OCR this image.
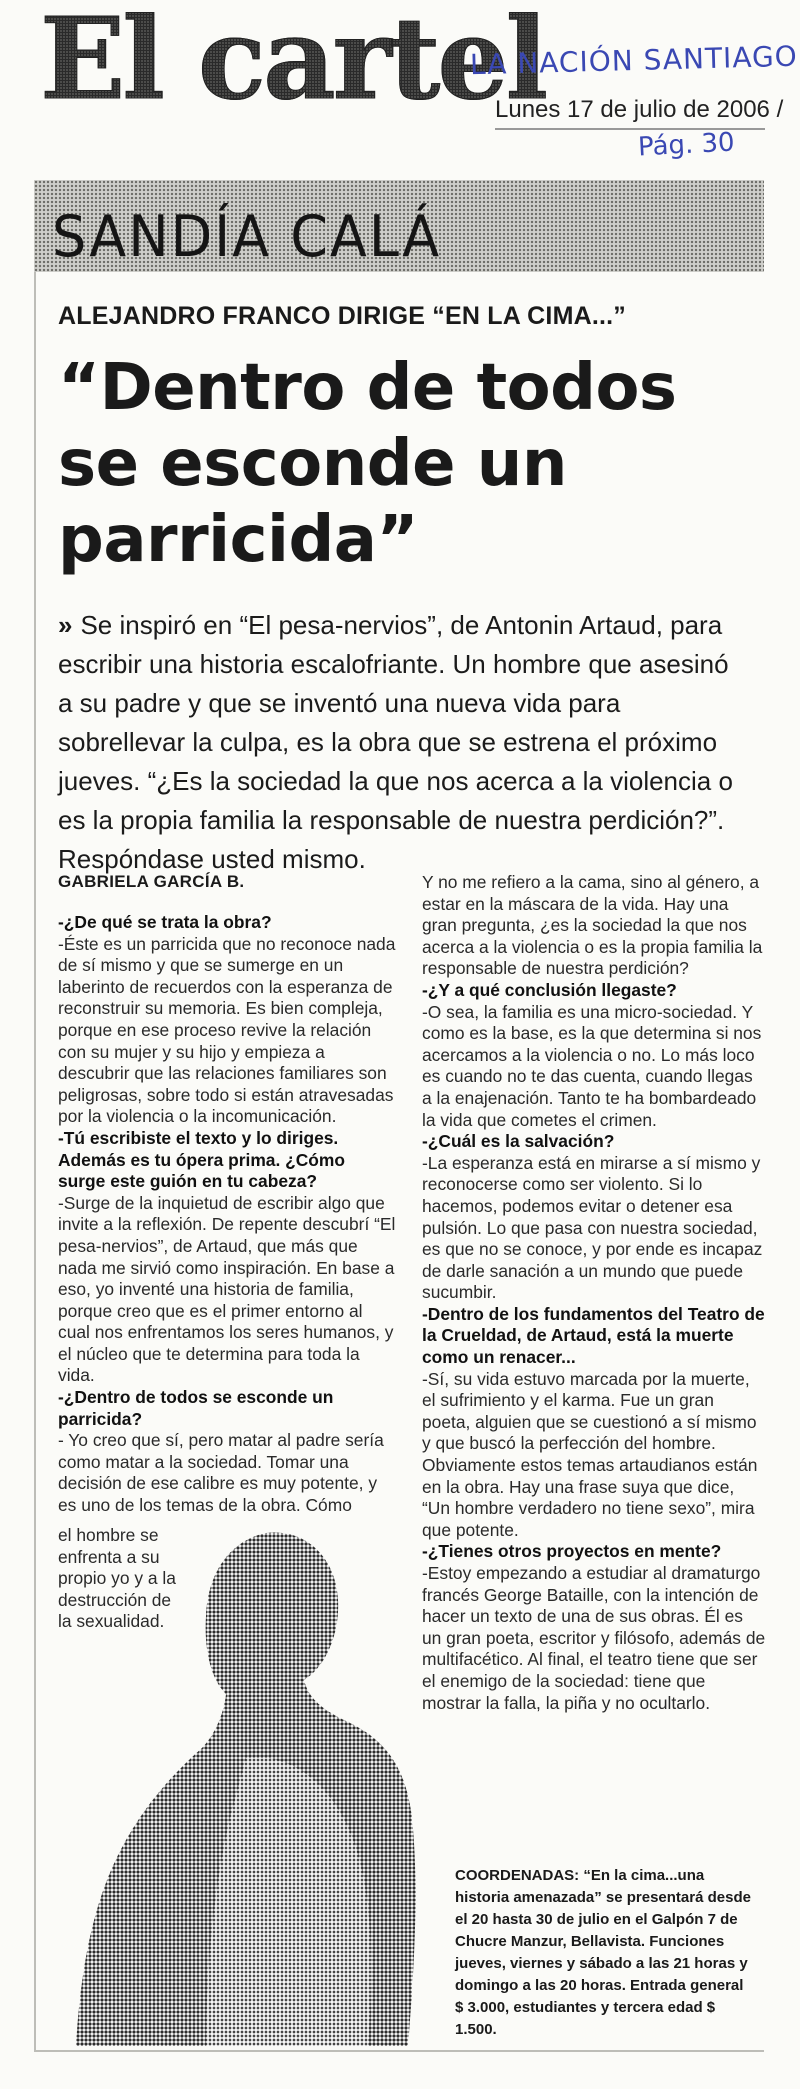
El cartel
LA NACIÓN SANTIAGO
Lunes 17 de julio de 2006 /
Pág. 30
SANDÍA CALÁ
ALEJANDRO FRANCO DIRIGE “EN LA CIMA...”
“Dentro de todos se esconde un parricida”
» Se inspiró en “El pesa-nervios”, de Antonin Artaud, para escribir una historia escalofriante. Un hombre que asesinó a su padre y que se inventó una nueva vida para sobrellevar la culpa, es la obra que se estrena el próximo jueves. “¿Es la sociedad la que nos acerca a la violencia o es la propia familia la responsable de nuestra perdición?”. Respóndase usted mismo.
GABRIELA GARCÍA B.

-¿De qué se trata la obra?

-Éste es un parricida que no reconoce nada de sí mismo y que se sumerge en un laberinto de recuerdos con la esperanza de reconstruir su memoria. Es bien compleja, porque en ese proceso revive la relación con su mujer y su hijo y empieza a descubrir que las relaciones familiares son peligrosas, sobre todo si están atravesadas por la violencia o la incomunicación.

-Tú escribiste el texto y lo diriges. Además es tu ópera prima. ¿Cómo surge este guión en tu cabeza?

-Surge de la inquietud de escribir algo que invite a la reflexión. De repente descubrí “El pesa-nervios”, de Artaud, que más que nada me sirvió como inspiración. En base a eso, yo inventé una historia de familia, porque creo que es el primer entorno al cual nos enfrentamos los seres humanos, y el núcleo que te determina para toda la vida.

-¿Dentro de todos se esconde un parricida?

- Yo creo que sí, pero matar al padre sería como matar a la sociedad. Tomar una decisión de ese calibre es muy potente, y es uno de los temas de la obra. Cómo

el hombre se enfrenta a su propio yo y a la destrucción de la sexualidad.

Y no me refiero a la cama, sino al género, a estar en la máscara de la vida. Hay una gran pregunta, ¿es la sociedad la que nos acerca a la violencia o es la propia familia la responsable de nuestra perdición?

-¿Y a qué conclusión llegaste?

-O sea, la familia es una micro-sociedad. Y como es la base, es la que determina si nos acercamos a la violencia o no. Lo más loco es cuando no te das cuenta, cuando llegas a la enajenación. Tanto te ha bombardeado la vida que cometes el crimen.

-¿Cuál es la salvación?

-La esperanza está en mirarse a sí mismo y reconocerse como ser violento. Si lo hacemos, podemos evitar o detener esa pulsión. Lo que pasa con nuestra sociedad, es que no se conoce, y por ende es incapaz de darle sanación a un mundo que puede sucumbir.

-Dentro de los fundamentos del Teatro de la Crueldad, de Artaud, está la muerte como un renacer...

-Sí, su vida estuvo marcada por la muerte, el sufrimiento y el karma. Fue un gran poeta, alguien que se cuestionó a sí mismo y que buscó la perfección del hombre. Obviamente estos temas artaudianos están en la obra. Hay una frase suya que dice, “Un hombre verdadero no tiene sexo”, mira que potente.

-¿Tienes otros proyectos en mente?

-Estoy empezando a estudiar al dramaturgo francés George Bataille, con la intención de hacer un texto de una de sus obras. Él es un gran poeta, escritor y filósofo, además de multifacético. Al final, el teatro tiene que ser el enemigo de la sociedad: tiene que mostrar la falla, la piña y no ocultarlo.

COORDENADAS: “En la cima...una historia amenazada” se presentará desde el 20 hasta 30 de julio en el Galpón 7 de Chucre Manzur, Bellavista. Funciones jueves, viernes y sábado a las 21 horas y domingo a las 20 horas. Entrada general $ 3.000, estudiantes y tercera edad $ 1.500.
